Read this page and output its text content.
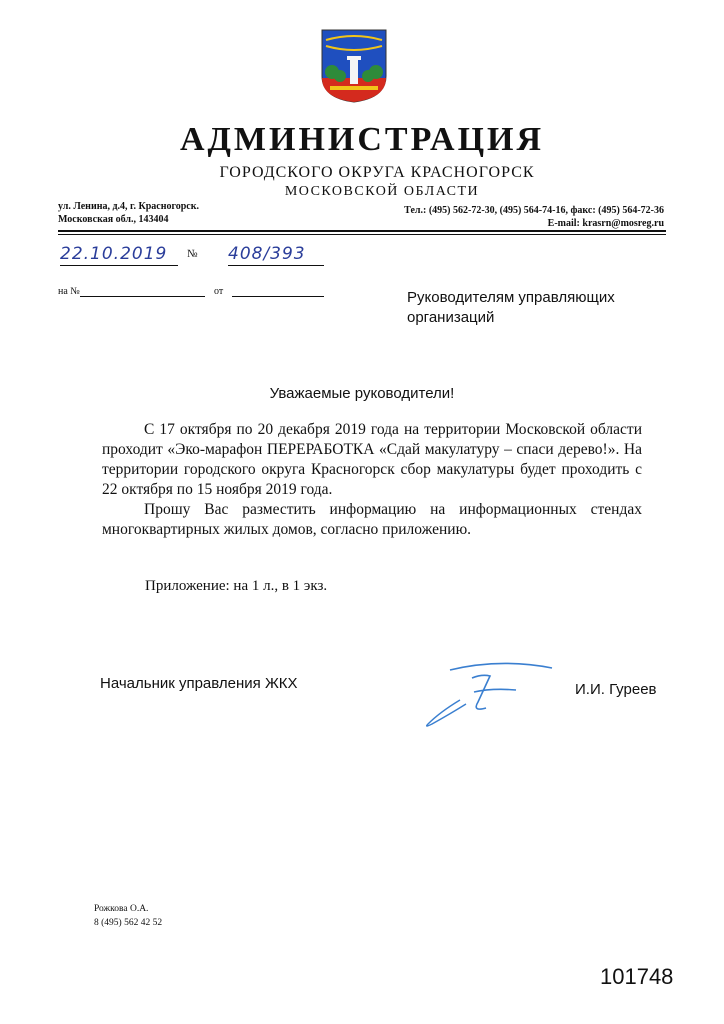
АДМИНИСТРАЦИЯ
ГОРОДСКОГО ОКРУГА КРАСНОГОРСК
МОСКОВСКОЙ ОБЛАСТИ
ул. Ленина, д.4, г. Красногорск.
Московская обл., 143404
Тел.: (495) 562-72-30, (495) 564-74-16, факс: (495) 564-72-36
E-mail: krasrn@mosreg.ru
22.10.2019	№ 408/393
на №	от	Руководителям управляющих организаций
Уважаемые руководители!

С 17 октября по 20 декабря 2019 года на территории Московской области проходит «Эко-марафон ПЕРЕРАБОТКА «Сдай макулатуру – спаси дерево!». На территории городского округа Красногорск сбор макулатуры будет проходить с 22 октября по 15 ноября 2019 года.

Прошу Вас разместить информацию на информационных стендах многоквартирных жилых домов, согласно приложению.

Приложение: на 1 л., в 1 экз.
Начальник управления ЖКХ	И.И. Гуреев
Рожкова О.А.
8 (495) 562 42 52
101748
